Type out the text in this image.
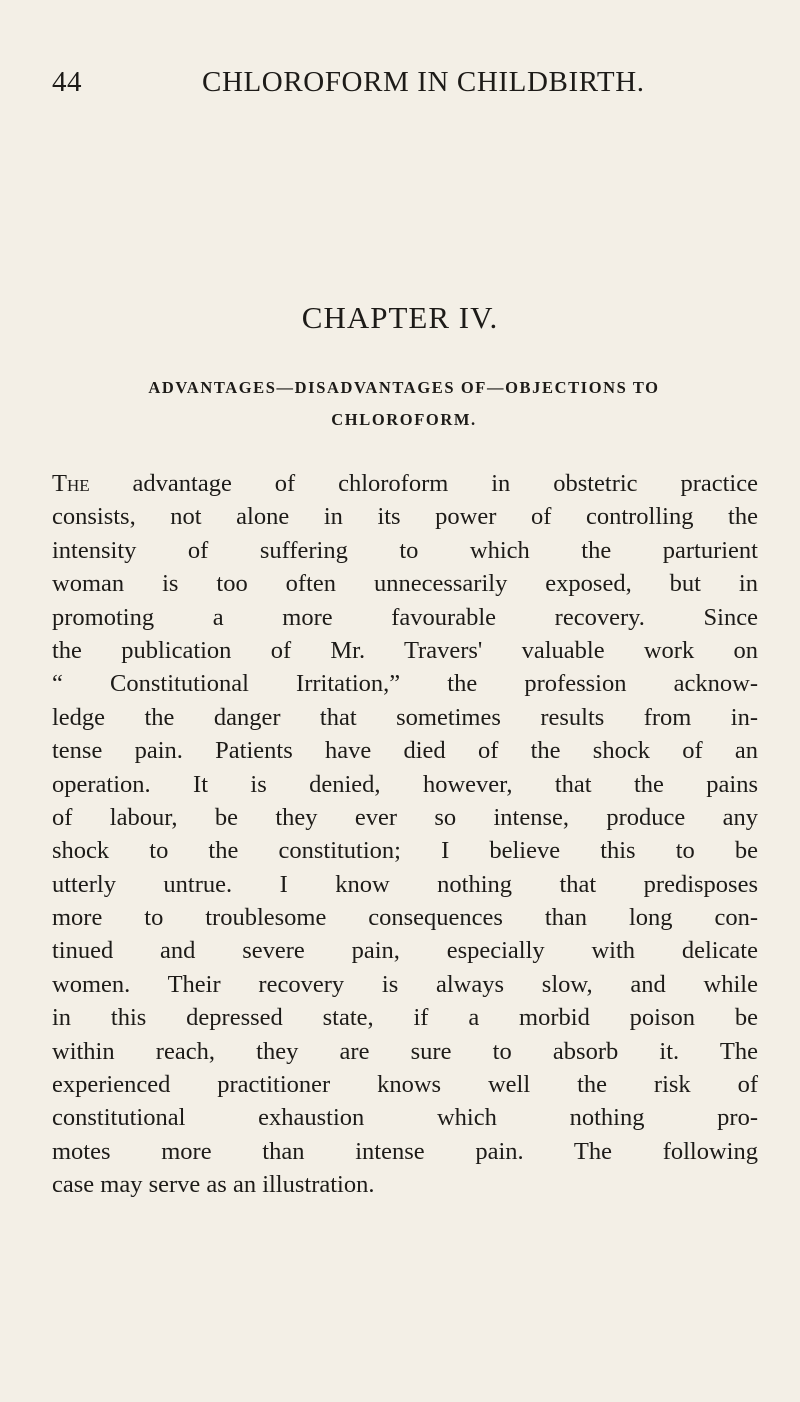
44	CHLOROFORM IN CHILDBIRTH.
CHAPTER IV.
ADVANTAGES—DISADVANTAGES OF—OBJECTIONS TO
CHLOROFORM.
The advantage of chloroform in obstetric practice
consists, not alone in its power of controlling the
intensity of suffering to which the parturient
woman is too often unnecessarily exposed, but in
promoting a more favourable recovery. Since
the publication of Mr. Travers' valuable work on
“ Constitutional Irritation,” the profession acknow-
ledge the danger that sometimes results from in-
tense pain. Patients have died of the shock of an
operation. It is denied, however, that the pains
of labour, be they ever so intense, produce any
shock to the constitution; I believe this to be
utterly untrue. I know nothing that predisposes
more to troublesome consequences than long con-
tinued and severe pain, especially with delicate
women. Their recovery is always slow, and while
in this depressed state, if a morbid poison be
within reach, they are sure to absorb it. The
experienced practitioner knows well the risk of
constitutional exhaustion which nothing pro-
motes more than intense pain. The following
case may serve as an illustration.
